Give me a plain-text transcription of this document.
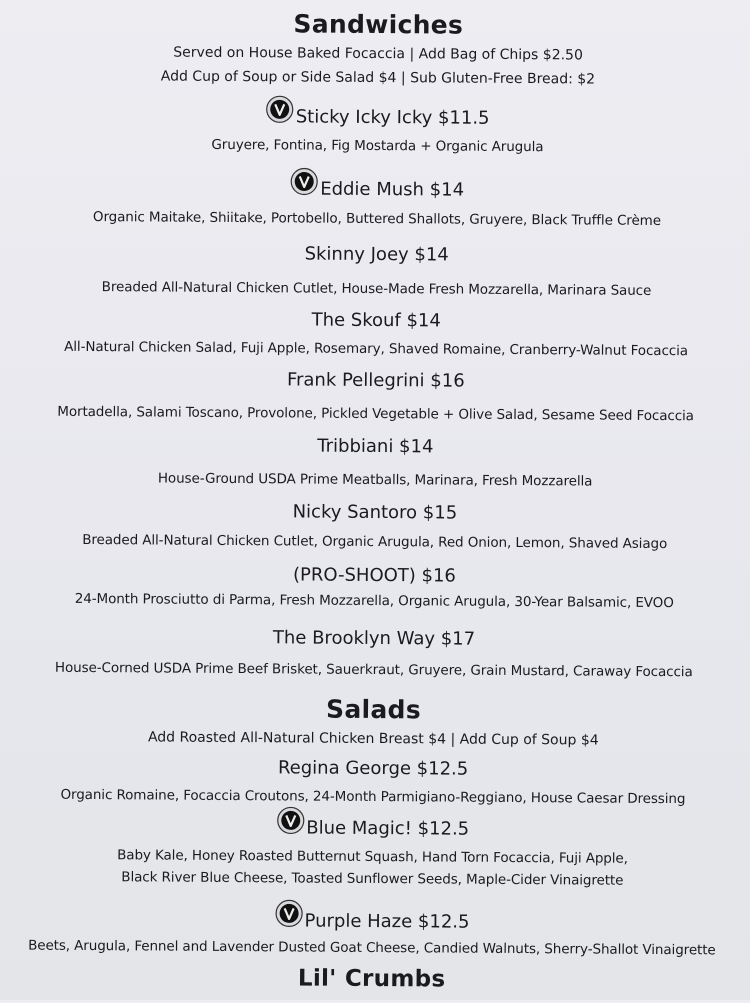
Sandwiches
Served on House Baked Focaccia | Add Bag of Chips $2.50
Add Cup of Soup or Side Salad $4 | Sub Gluten-Free Bread: $2
Sticky Icky Icky $11.5
Gruyere, Fontina, Fig Mostarda + Organic Arugula
Eddie Mush $14
Organic Maitake, Shiitake, Portobello, Buttered Shallots, Gruyere, Black Truffle Crème
Skinny Joey $14
Breaded All-Natural Chicken Cutlet, House-Made Fresh Mozzarella, Marinara Sauce
The Skouf $14
All-Natural Chicken Salad, Fuji Apple, Rosemary, Shaved Romaine, Cranberry-Walnut Focaccia
Frank Pellegrini $16
Mortadella, Salami Toscano, Provolone, Pickled Vegetable + Olive Salad, Sesame Seed Focaccia
Tribbiani $14
House-Ground USDA Prime Meatballs, Marinara, Fresh Mozzarella
Nicky Santoro $15
Breaded All-Natural Chicken Cutlet, Organic Arugula, Red Onion, Lemon, Shaved Asiago
(PRO-SHOOT) $16
24-Month Prosciutto di Parma, Fresh Mozzarella, Organic Arugula, 30-Year Balsamic, EVOO
The Brooklyn Way $17
House-Corned USDA Prime Beef Brisket, Sauerkraut, Gruyere, Grain Mustard, Caraway Focaccia
Salads
Add Roasted All-Natural Chicken Breast $4 | Add Cup of Soup $4
Regina George $12.5
Organic Romaine, Focaccia Croutons, 24-Month Parmigiano-Reggiano, House Caesar Dressing
Blue Magic! $12.5
Baby Kale, Honey Roasted Butternut Squash, Hand Torn Focaccia, Fuji Apple,
Black River Blue Cheese, Toasted Sunflower Seeds, Maple-Cider Vinaigrette
Purple Haze $12.5
Beets, Arugula, Fennel and Lavender Dusted Goat Cheese, Candied Walnuts, Sherry-Shallot Vinaigrette
Lil' Crumbs
